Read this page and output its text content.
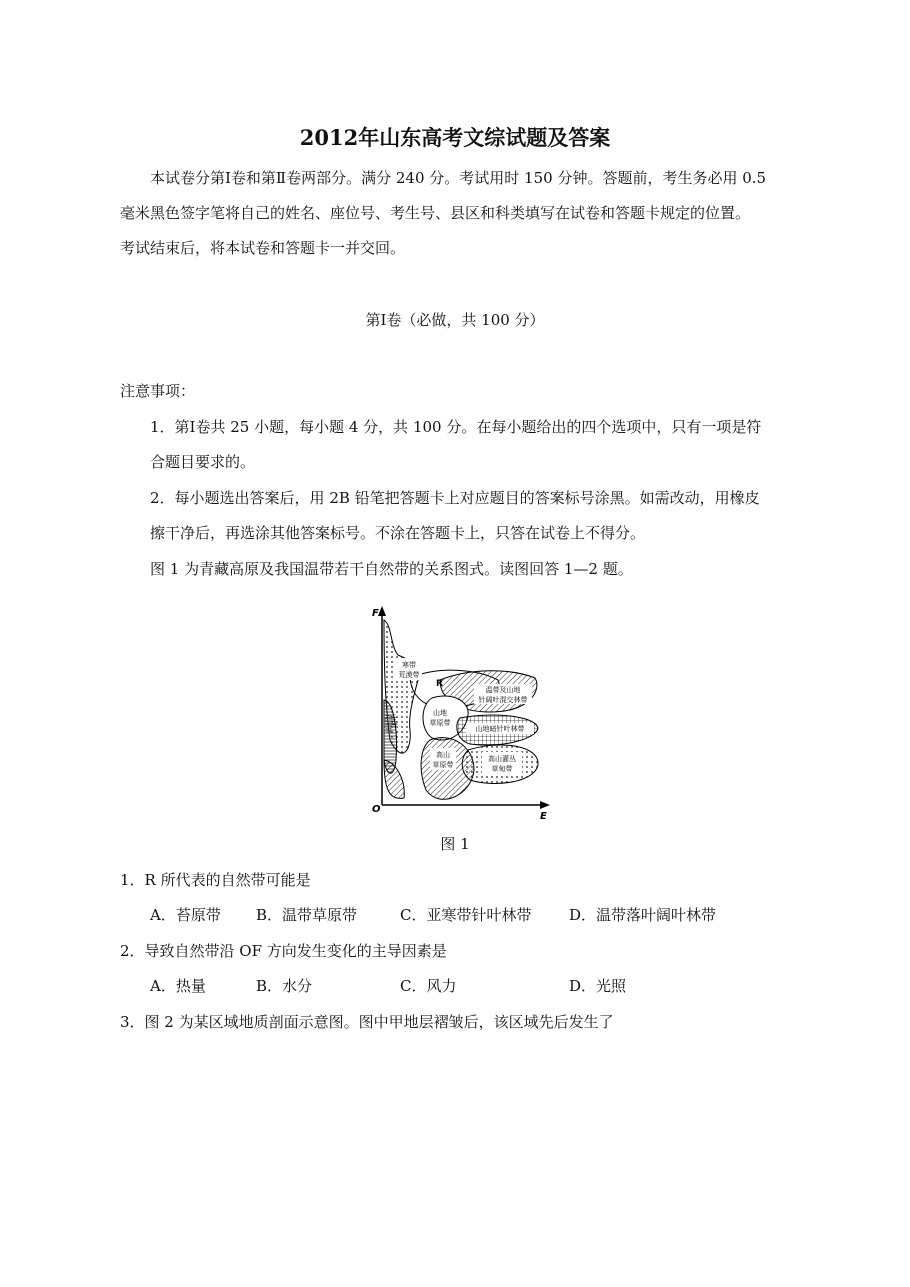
2012年山东高考文综试题及答案
本试卷分第Ⅰ卷和第Ⅱ卷两部分。满分 240 分。考试用时 150 分钟。答题前，考生务必用 0.5
毫米黑色签字笔将自己的姓名、座位号、考生号、县区和科类填写在试卷和答题卡规定的位置。
考试结束后，将本试卷和答题卡一并交回。
第Ⅰ卷（必做，共 100 分）
注意事项：
1．第Ⅰ卷共 25 小题，每小题 4 分，共 100 分。在每小题给出的四个选项中，只有一项是符
合题目要求的。
2．每小题选出答案后，用 2B 铅笔把答题卡上对应题目的答案标号涂黑。如需改动，用橡皮
擦干净后，再选涂其他答案标号。不涂在答题卡上，只答在试卷上不得分。
图 1 为青藏高原及我国温带若干自然带的关系图式。读图回答 1—2 题。
寒带
荒漠带
R
温带及山地
针阔叶混交林带
山地
草原带
山地
荒漠带	山地暗针叶林带
高山
草原带
高山灌丛
草甸带
F
O
E
图 1
1．R 所代表的自然带可能是
A．苔原带 B．温带草原带	C．亚寒带针叶林带	D．温带落叶阔叶林带
2．导致自然带沿 OF 方向发生变化的主导因素是
A．热量	B．水分	C．风力	D．光照
3．图 2 为某区域地质剖面示意图。图中甲地层褶皱后，该区域先后发生了
